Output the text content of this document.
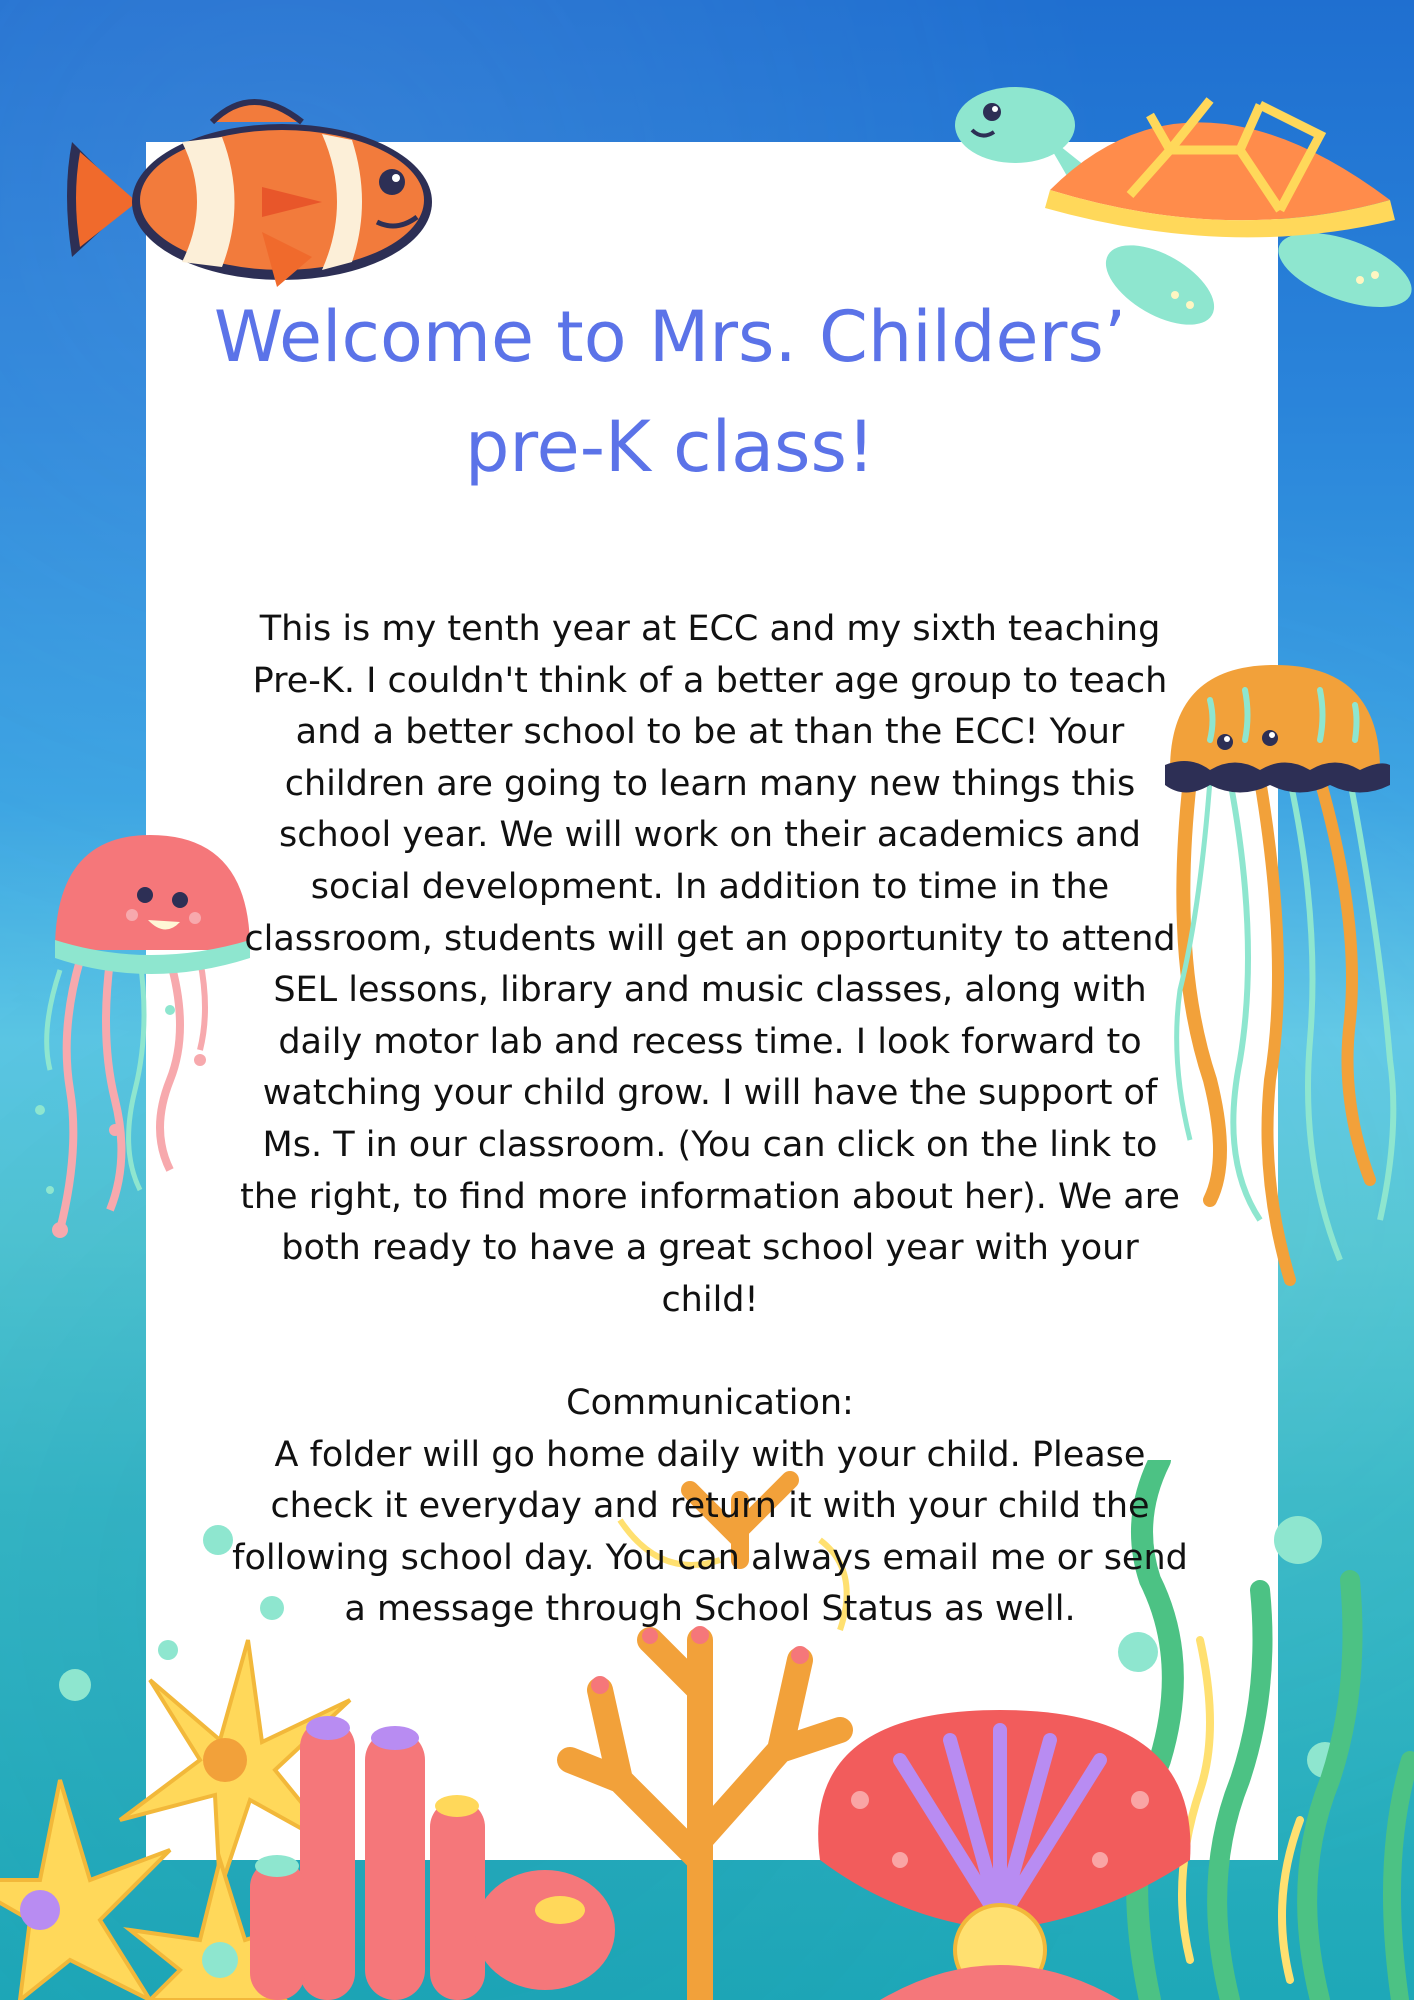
Welcome to Mrs. Childers’ pre-K class!

This is my tenth year at ECC and my sixth teaching Pre-K. I couldn't think of a better age group to teach and a better school to be at than the ECC! Your children are going to learn many new things this school year. We will work on their academics and social development. In addition to time in the classroom, students will get an opportunity to attend SEL lessons, library and music classes, along with daily motor lab and recess time. I look forward to watching your child grow. I will have the support of Ms. T in our classroom. (You can click on the link to the right, to find more information about her). We are both ready to have a great school year with your child!

Communication:

A folder will go home daily with your child. Please check it everyday and return it with your child the following school day. You can always email me or send a message through School Status as well.
